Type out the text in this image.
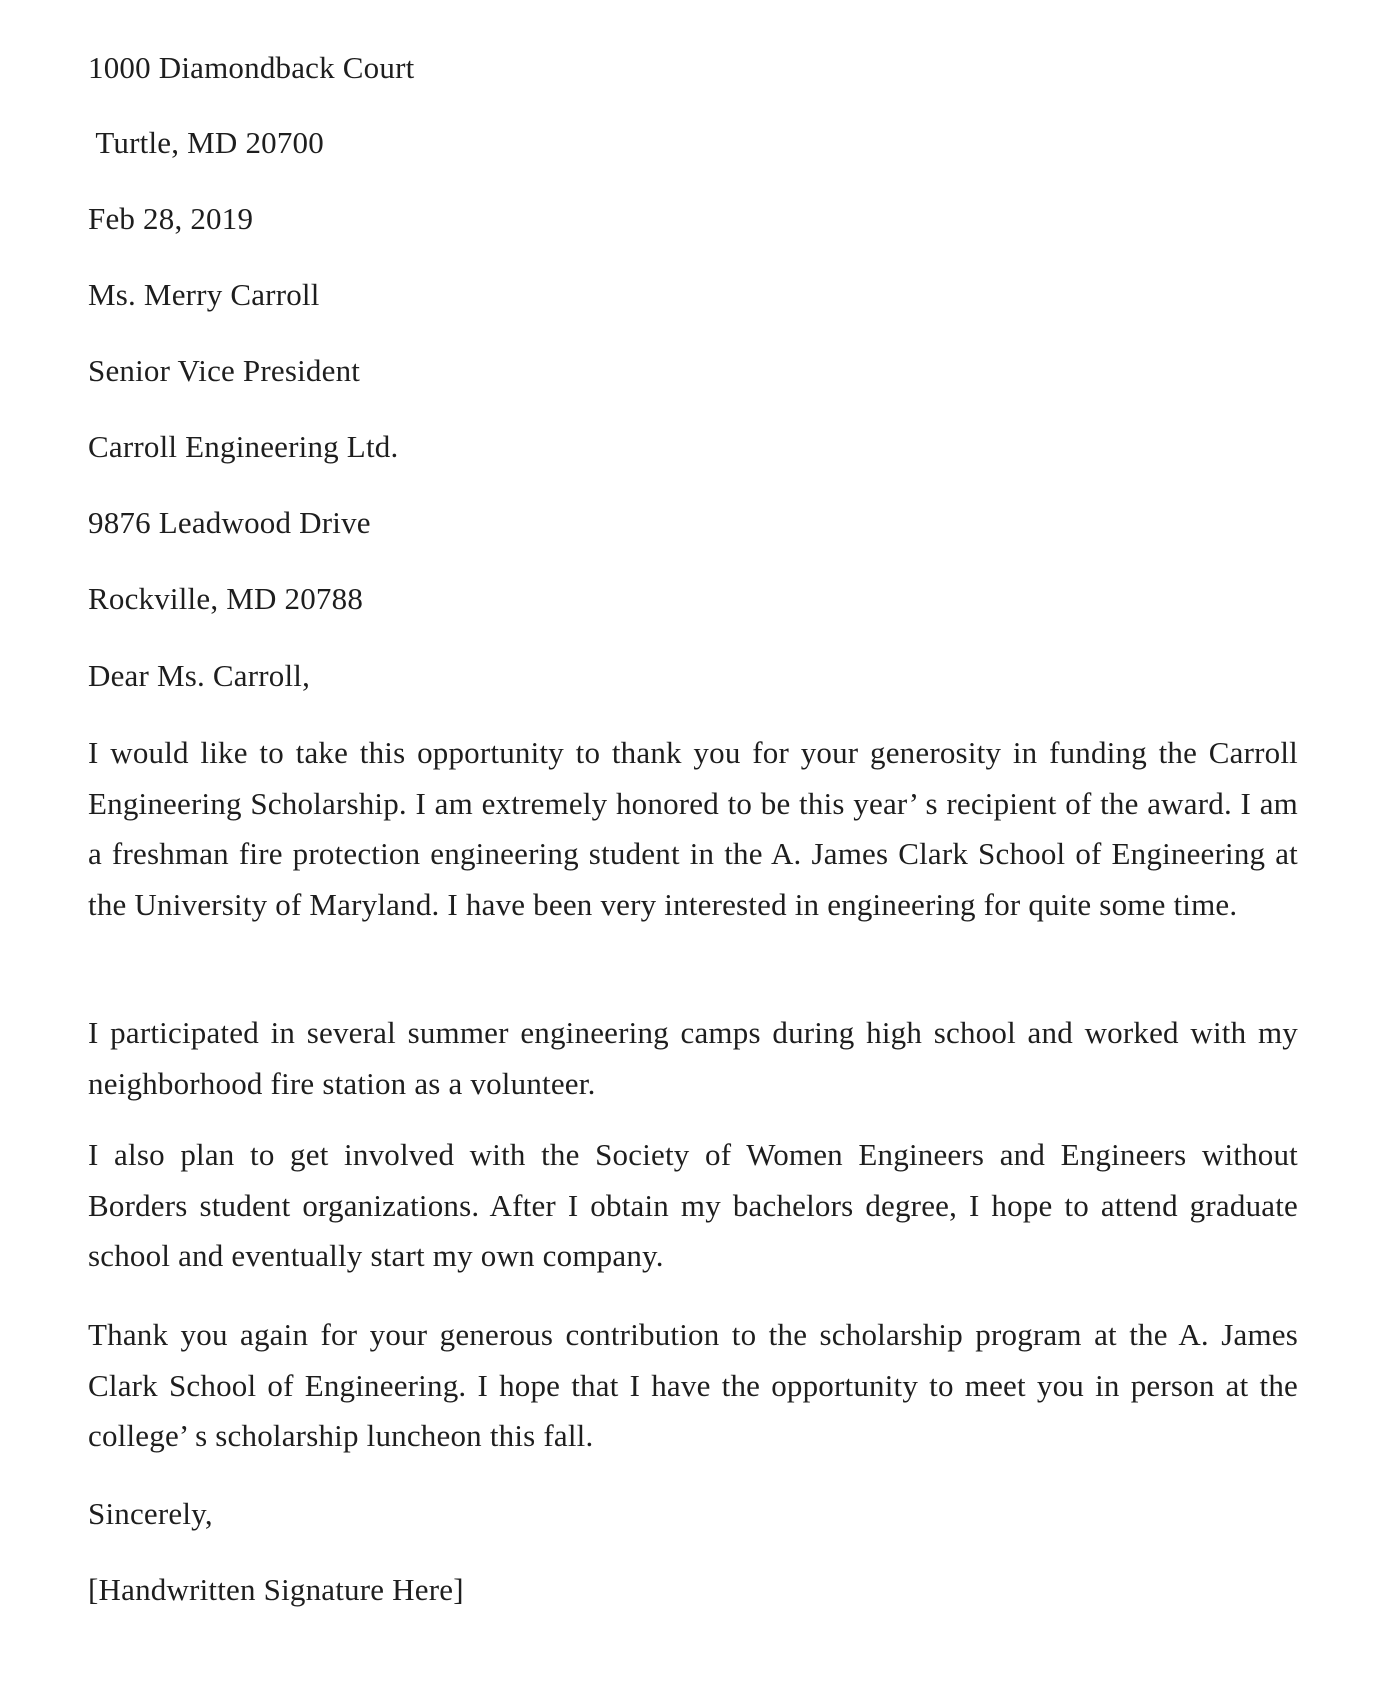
1000 Diamondback Court
Turtle, MD 20700
Feb 28, 2019
Ms. Merry Carroll
Senior Vice President
Carroll Engineering Ltd.
9876 Leadwood Drive
Rockville, MD 20788
Dear Ms. Carroll,
I would like to take this opportunity to thank you for your generosity in funding the Carroll Engineering Scholarship. I am extremely honored to be this year’ s recipient of the award. I am a freshman fire protection engineering student in the A. James Clark School of Engineering at the University of Maryland. I have been very interested in engineering for quite some time.
I participated in several summer engineering camps during high school and worked with my neighborhood fire station as a volunteer.
I also plan to get involved with the Society of Women Engineers and Engineers without Borders student organizations. After I obtain my bachelors degree, I hope to attend graduate school and eventually start my own company.
Thank you again for your generous contribution to the scholarship program at the A. James Clark School of Engineering. I hope that I have the opportunity to meet you in person at the college’ s scholarship luncheon this fall.
Sincerely,
[Handwritten Signature Here]
